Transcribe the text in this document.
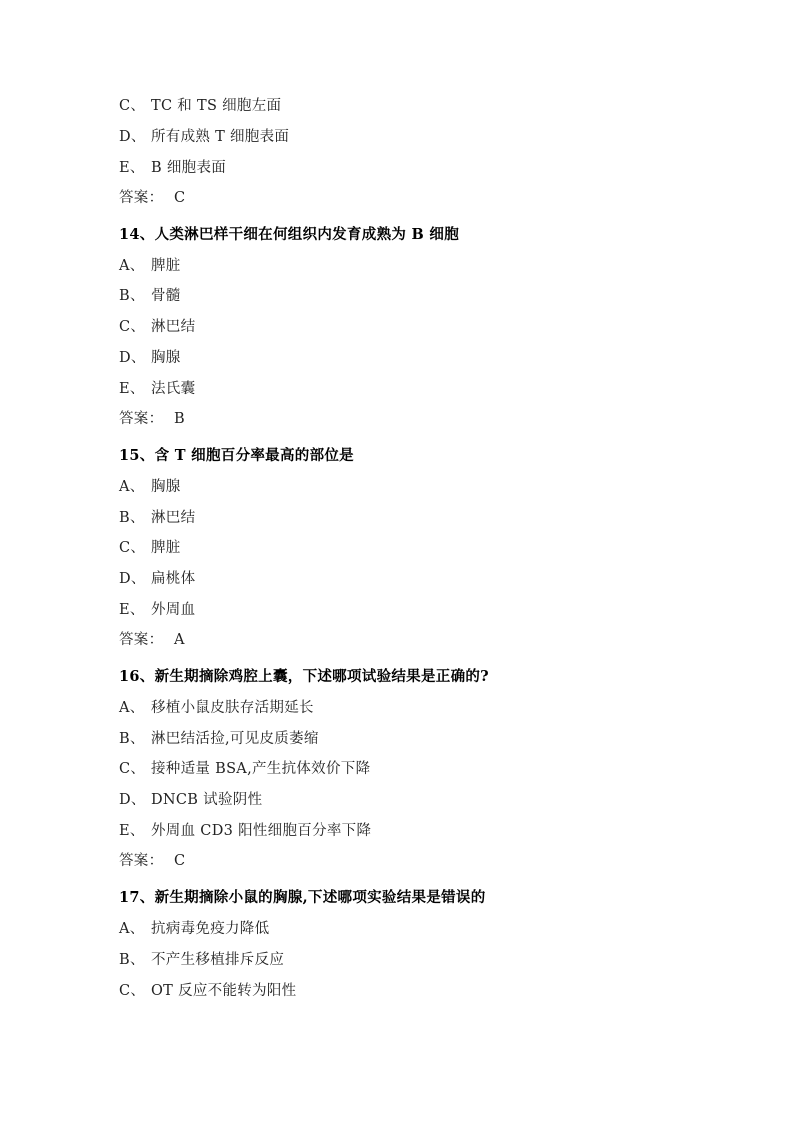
C、 TC 和 TS 细胞左面
D、 所有成熟 T 细胞表面
E、 B 细胞表面
答案： C
14、人类淋巴样干细在何组织内发育成熟为 B 细胞
A、 脾脏
B、 骨髓
C、 淋巴结
D、 胸腺
E、 法氏囊
答案： B
15、含 T 细胞百分率最高的部位是
A、 胸腺
B、 淋巴结
C、 脾脏
D、 扁桃体
E、 外周血
答案： A
16、新生期摘除鸡腔上囊，下述哪项试验结果是正确的?
A、 移植小鼠皮肤存活期延长
B、 淋巴结活捡,可见皮质萎缩
C、 接种适量 BSA,产生抗体效价下降
D、 DNCB 试验阴性
E、 外周血 CD3 阳性细胞百分率下降
答案： C
17、新生期摘除小鼠的胸腺,下述哪项实验结果是错误的
A、 抗病毒免疫力降低
B、 不产生移植排斥反应
C、 OT 反应不能转为阳性
